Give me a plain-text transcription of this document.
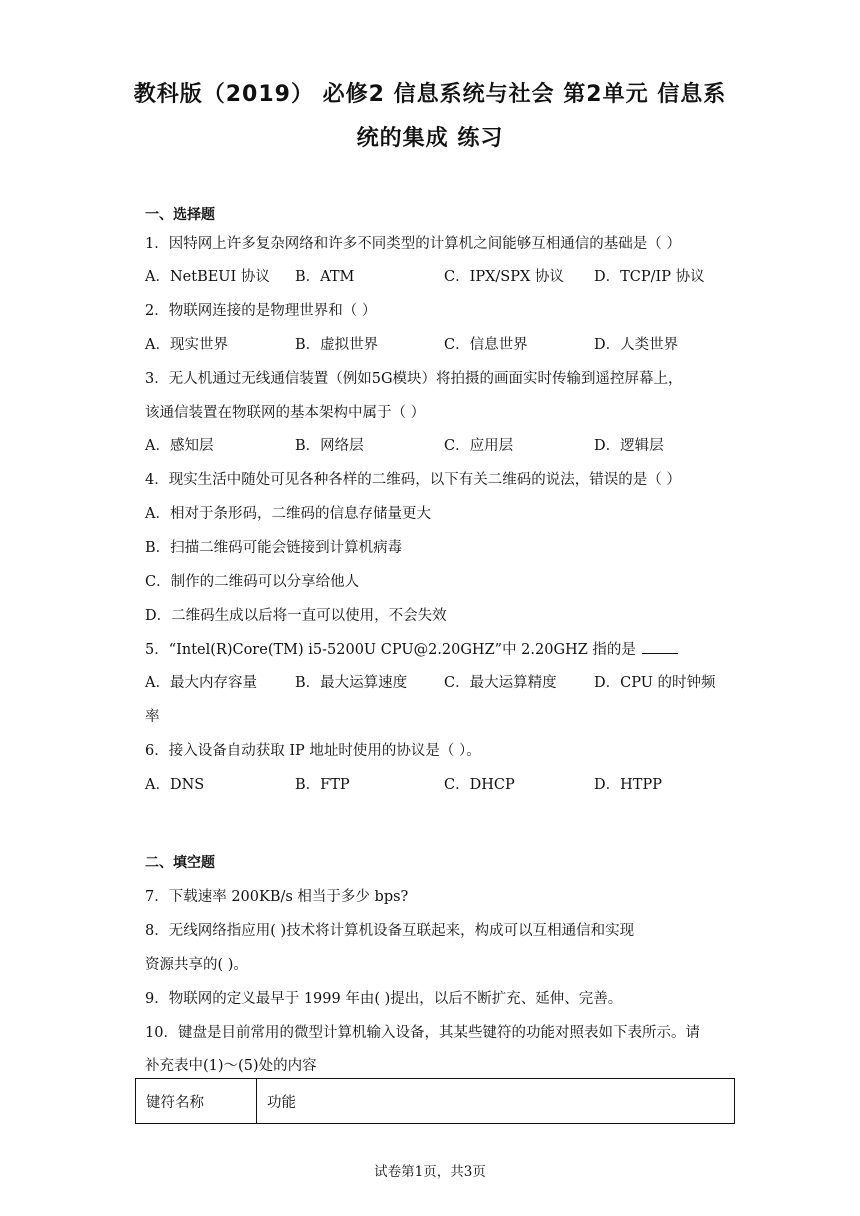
教科版（2019） 必修2 信息系统与社会 第2单元 信息系
统的集成 练习
一、选择题
1．因特网上许多复杂网络和许多不同类型的计算机之间能够互相通信的基础是（ ）
A．NetBEUI 协议 B．ATM	C．IPX/SPX 协议 D．TCP/IP 协议
2．物联网连接的是物理世界和（ ）
A．现实世界	B．虚拟世界	C．信息世界	D．人类世界
3．无人机通过无线通信装置（例如5G模块）将拍摄的画面实时传输到遥控屏幕上，
该通信装置在物联网的基本架构中属于（ ）
A．感知层	B．网络层	C．应用层	D．逻辑层
4．现实生活中随处可见各种各样的二维码，以下有关二维码的说法，错误的是（ ）
A．相对于条形码，二维码的信息存储量更大
B．扫描二维码可能会链接到计算机病毒
C．制作的二维码可以分享给他人
D．二维码生成以后将一直可以使用，不会失效
5．“Intel(R)Core(TM) i5-5200U CPU@2.20GHZ”中 2.20GHZ 指的是
A．最大内存容量	B．最大运算速度	C．最大运算精度	D．CPU 的时钟频
率
6．接入设备自动获取 IP 地址时使用的协议是（ ）。
A．DNS	B．FTP	C．DHCP	D．HTPP
二、填空题
7．下载速率 200KB/s 相当于多少 bps?
8．无线网络指应用( )技术将计算机设备互联起来，构成可以互相通信和实现
资源共享的( )。
9．物联网的定义最早于 1999 年由( )提出，以后不断扩充、延伸、完善。
10．键盘是目前常用的微型计算机输入设备，其某些键符的功能对照表如下表所示。请
补充表中(1)～(5)处的内容
键符名称	功能
试卷第1页，共3页
